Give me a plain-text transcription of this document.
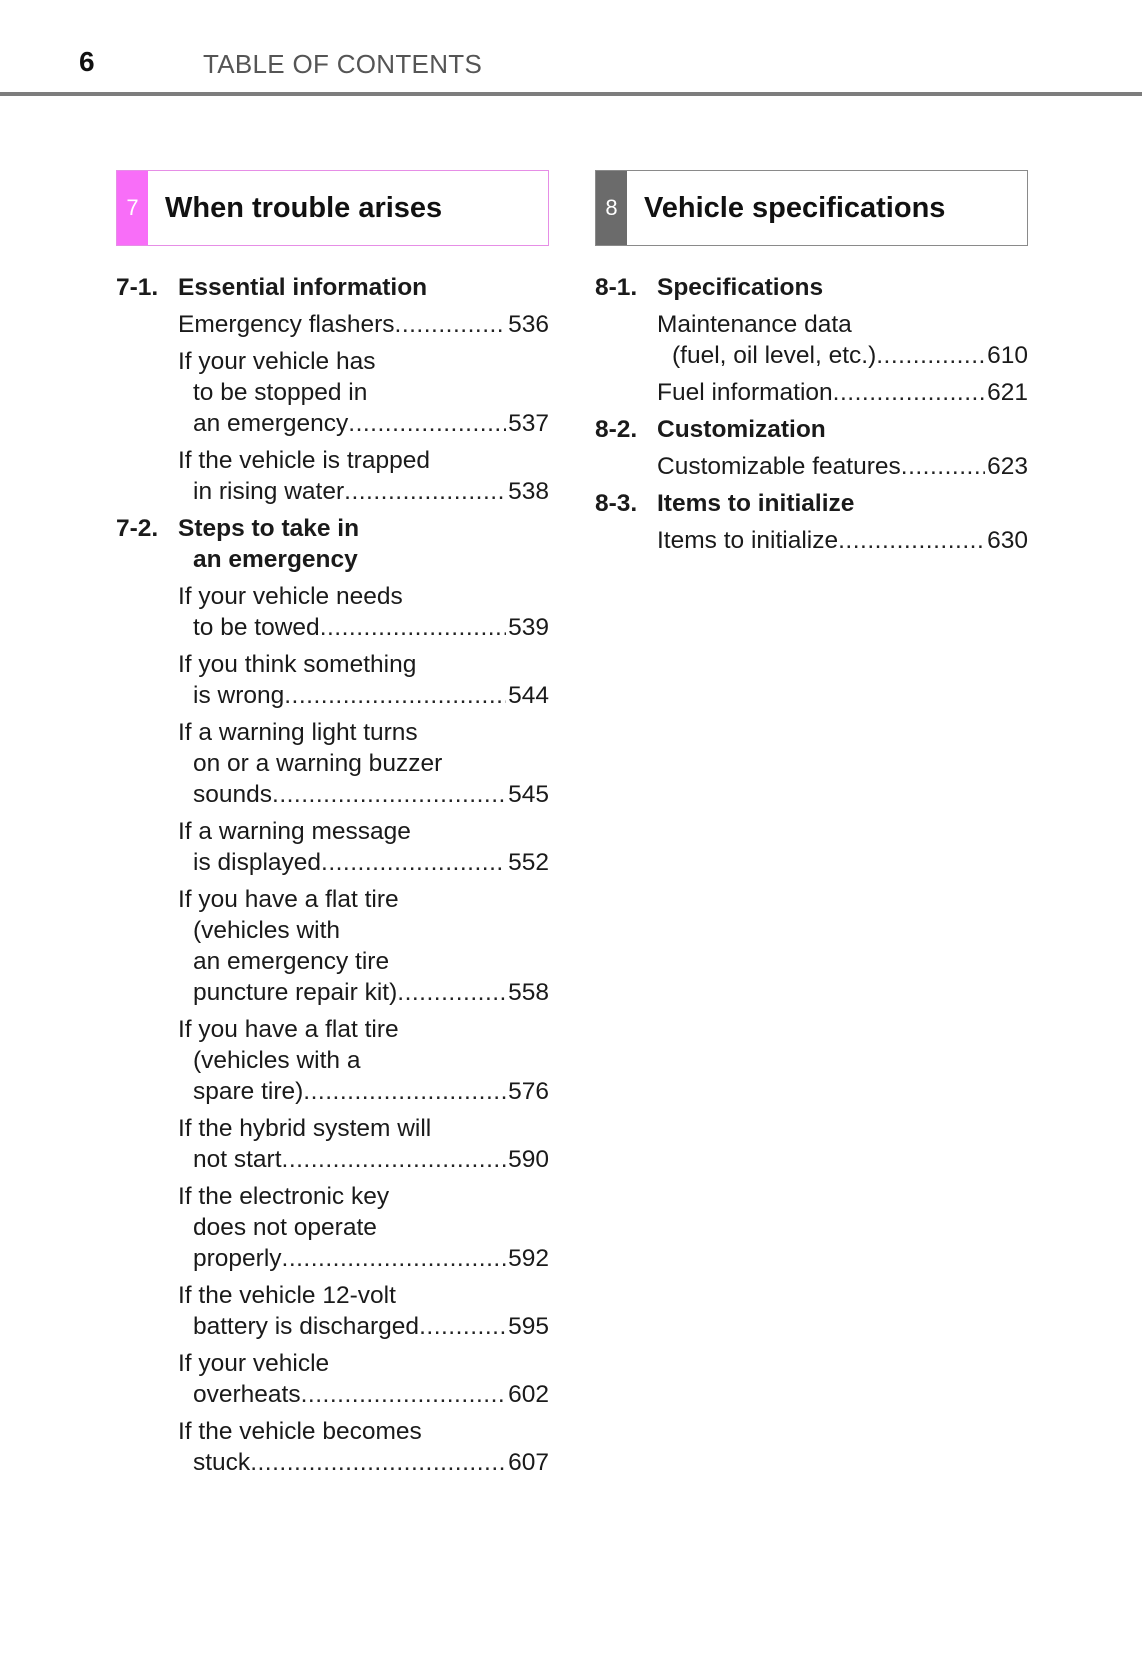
6	TABLE OF CONTENTS
7 When trouble arises
7-1. Essential information
Emergency flashers .....	536
If your vehicle has
to be stopped in
an emergency .....	537
If the vehicle is trapped
in rising water .....	538
7-2. Steps to take in
an emergency
If your vehicle needs
to be towed .....	539
If you think something
is wrong .....	544
If a warning light turns
on or a warning buzzer
sounds .....	545
If a warning message
is displayed .....	552
If you have a flat tire
(vehicles with
an emergency tire
puncture repair kit) .....	558
If you have a flat tire
(vehicles with a
spare tire) .....	576
If the hybrid system will
not start .....	590
If the electronic key
does not operate
properly .....	592
If the vehicle 12-volt
battery is discharged .....	595
If your vehicle
overheats .....	602
If the vehicle becomes
stuck .....	607
8 Vehicle specifications
8-1. Specifications
Maintenance data
(fuel, oil level, etc.) .....	610
Fuel information .....	621
8-2. Customization
Customizable features .....	623
8-3. Items to initialize
Items to initialize .....	630
